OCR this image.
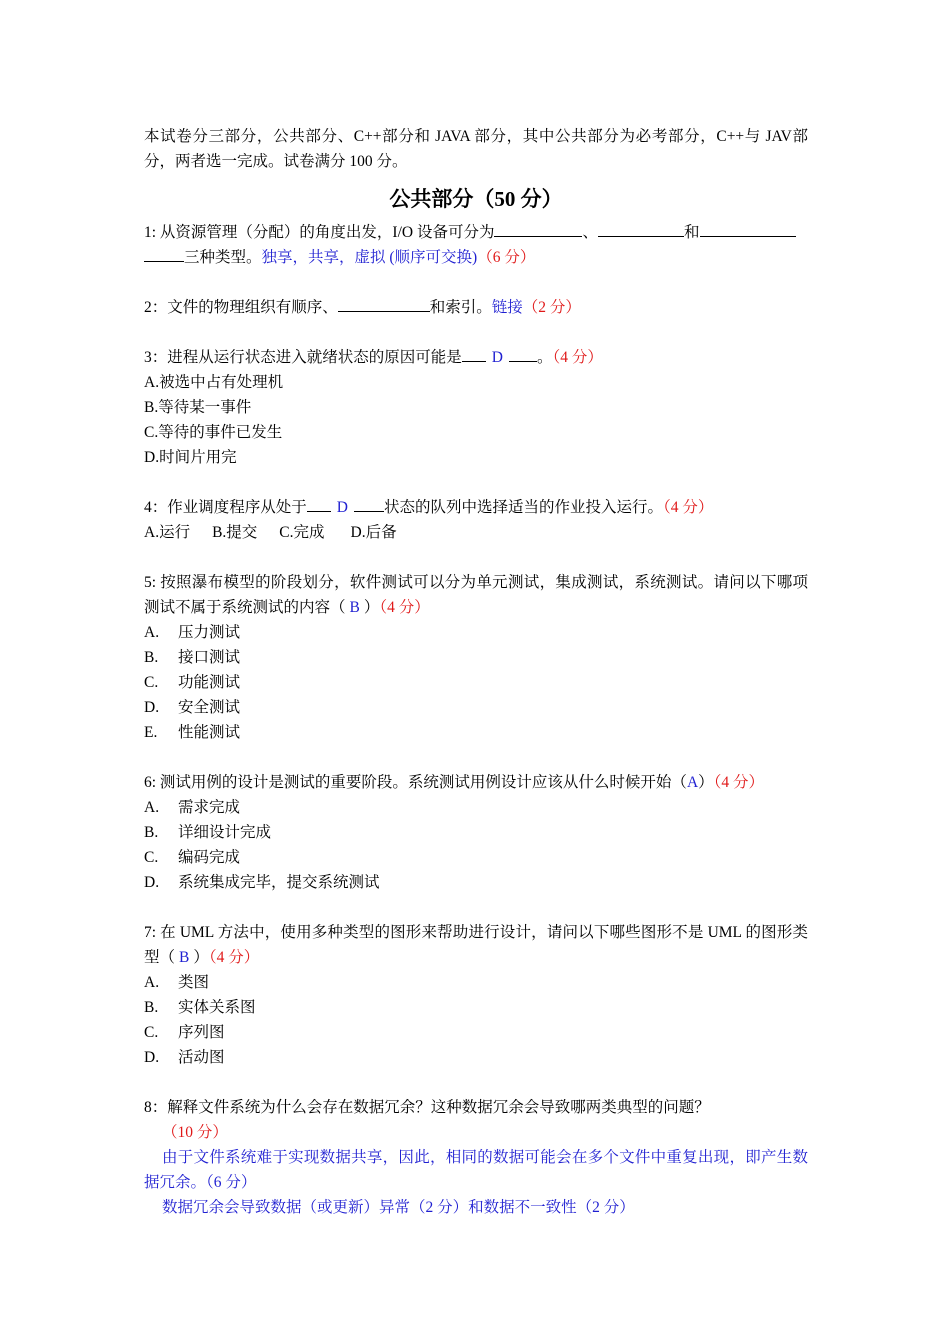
本试卷分三部分，公共部分、C++部分和 JAVA 部分，其中公共部分为必考部分，C++与 JAV部分，两者选一完成。试卷满分 100 分。

公共部分（50 分）

1: 从资源管理（分配）的角度出发，I/O 设备可分为	、	和

三种类型。独享，共享，虚拟 (顺序可交换)（6 分）

2：文件的物理组织有顺序、	和索引。链接（2 分）

3：进程从运行状态进入就绪状态的原因可能是 D 。（4 分）

A.被选中占有处理机

B.等待某一事件

C.等待的事件已发生

D.时间片用完

4：作业调度程序从处于 D 状态的队列中选择适当的作业投入运行。（4 分）

A.运行 B.提交 C.完成 D.后备

5: 按照瀑布模型的阶段划分，软件测试可以分为单元测试，集成测试，系统测试。请问以下哪项测试不属于系统测试的内容（ B ）（4 分）

A. 压力测试

B. 接口测试

C. 功能测试

D. 安全测试

E. 性能测试

6: 测试用例的设计是测试的重要阶段。系统测试用例设计应该从什么时候开始（A）（4 分）

A. 需求完成

B. 详细设计完成

C. 编码完成

D. 系统集成完毕，提交系统测试

7: 在 UML 方法中，使用多种类型的图形来帮助进行设计，请问以下哪些图形不是 UML 的图形类型（ B ）（4 分）

A. 类图

B. 实体关系图

C. 序列图

D. 活动图

8：解释文件系统为什么会存在数据冗余？这种数据冗余会导致哪两类典型的问题？

（10 分）

由于文件系统难于实现数据共享，因此，相同的数据可能会在多个文件中重复出现，即产生数据冗余。（6 分）

数据冗余会导致数据（或更新）异常（2 分）和数据不一致性（2 分）
